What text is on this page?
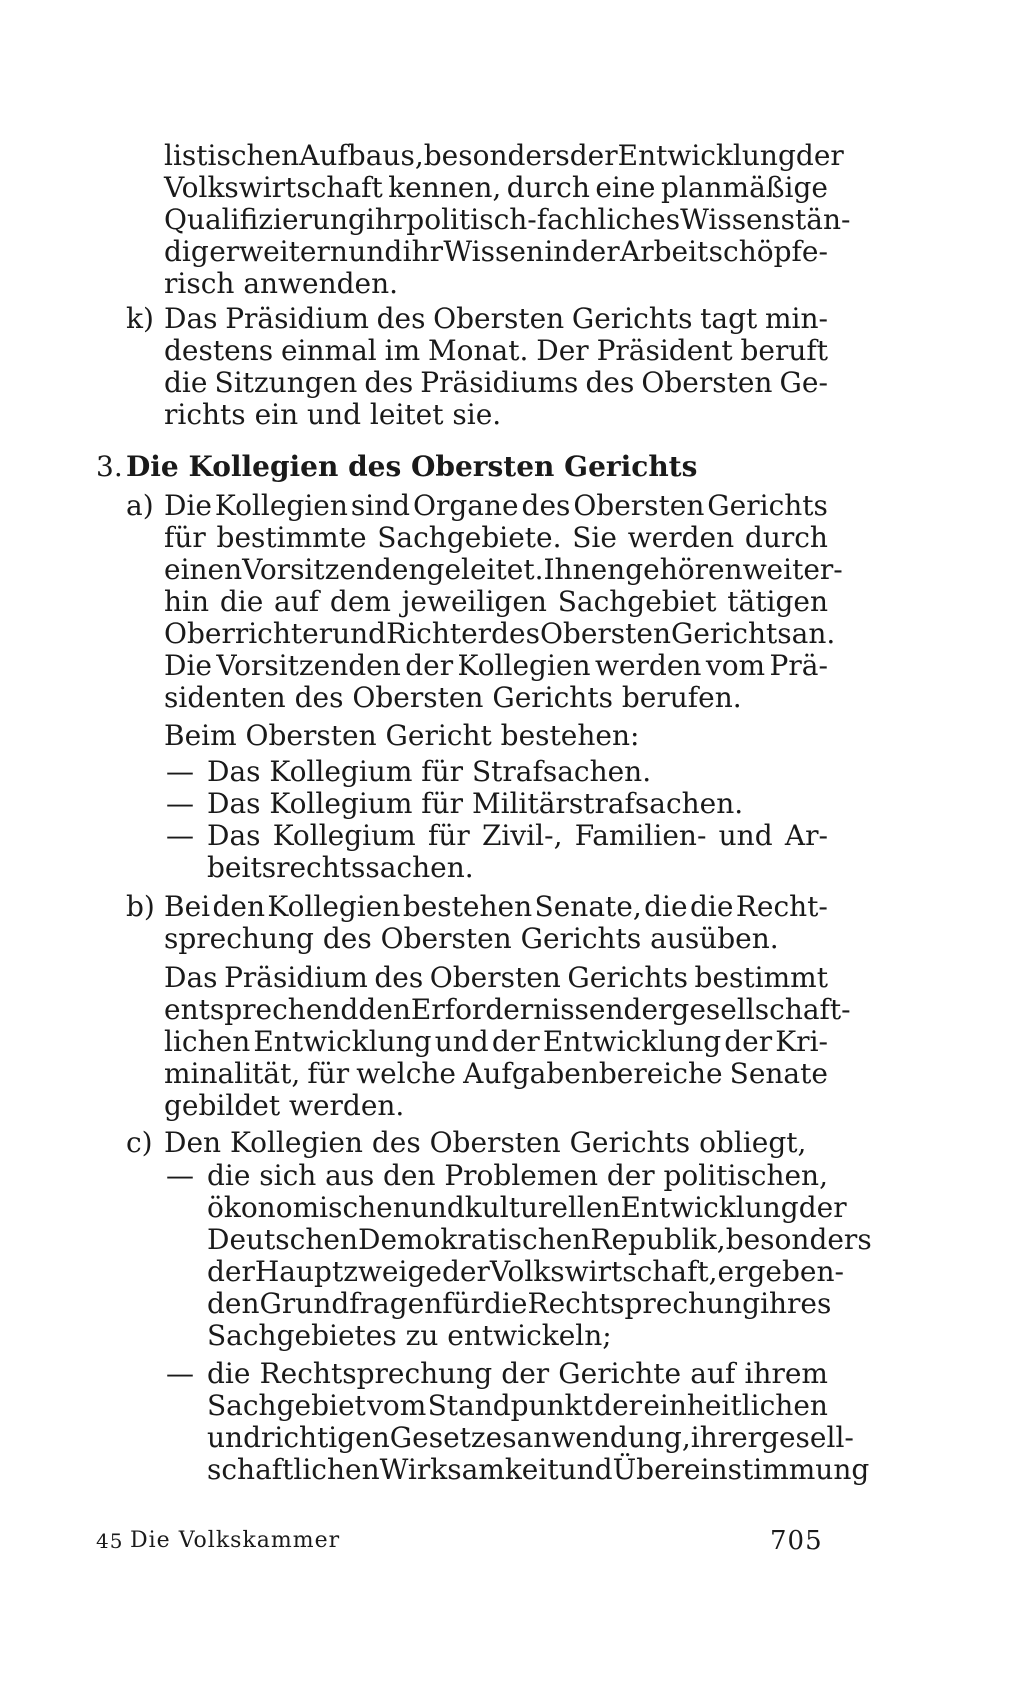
listischen Aufbaus, besonders der Entwicklung der
Volkswirtschaft kennen, durch eine planmäßige
Qualifizierung ihr politisch-fachliches Wissen stän-
dig erweitern und ihr Wissen in der Arbeit schöpfe-
risch anwenden.
k) Das Präsidium des Obersten Gerichts tagt min-
destens einmal im Monat. Der Präsident beruft
die Sitzungen des Präsidiums des Obersten Ge-
richts ein und leitet sie.
3. Die Kollegien des Obersten Gerichts
a) Die Kollegien sind Organe des Obersten Gerichts
für bestimmte Sachgebiete. Sie werden durch
einen Vorsitzenden geleitet. Ihnen gehören weiter-
hin die auf dem jeweiligen Sachgebiet tätigen
Oberrichter und Richter des Obersten Gerichts an.
Die Vorsitzenden der Kollegien werden vom Prä-
sidenten des Obersten Gerichts berufen.
Beim Obersten Gericht bestehen:
— Das Kollegium für Strafsachen.
— Das Kollegium für Militärstrafsachen.
— Das Kollegium für Zivil-, Familien- und Ar-
beitsrechtssachen.
b) Bei den Kollegien bestehen Senate, die die Recht-
sprechung des Obersten Gerichts ausüben.
Das Präsidium des Obersten Gerichts bestimmt
entsprechend den Erfordernissen der gesellschaft-
lichen Entwicklung und der Entwicklung der Kri-
minalität, für welche Aufgabenbereiche Senate
gebildet werden.
c) Den Kollegien des Obersten Gerichts obliegt,
— die sich aus den Problemen der politischen,
ökonomischen und kulturellen Entwicklung der
Deutschen Demokratischen Republik, besonders
der Hauptzweige der Volkswirtschaft, ergeben-
den Grundfragen für die Rechtsprechung ihres
Sachgebietes zu entwickeln;
— die Rechtsprechung der Gerichte auf ihrem
Sachgebiet vom Standpunkt der einheitlichen
und richtigen Gesetzesanwendung, ihrer gesell-
schaftlichen Wirksamkeit und Übereinstimmung
45 Die Volkskammer	705
